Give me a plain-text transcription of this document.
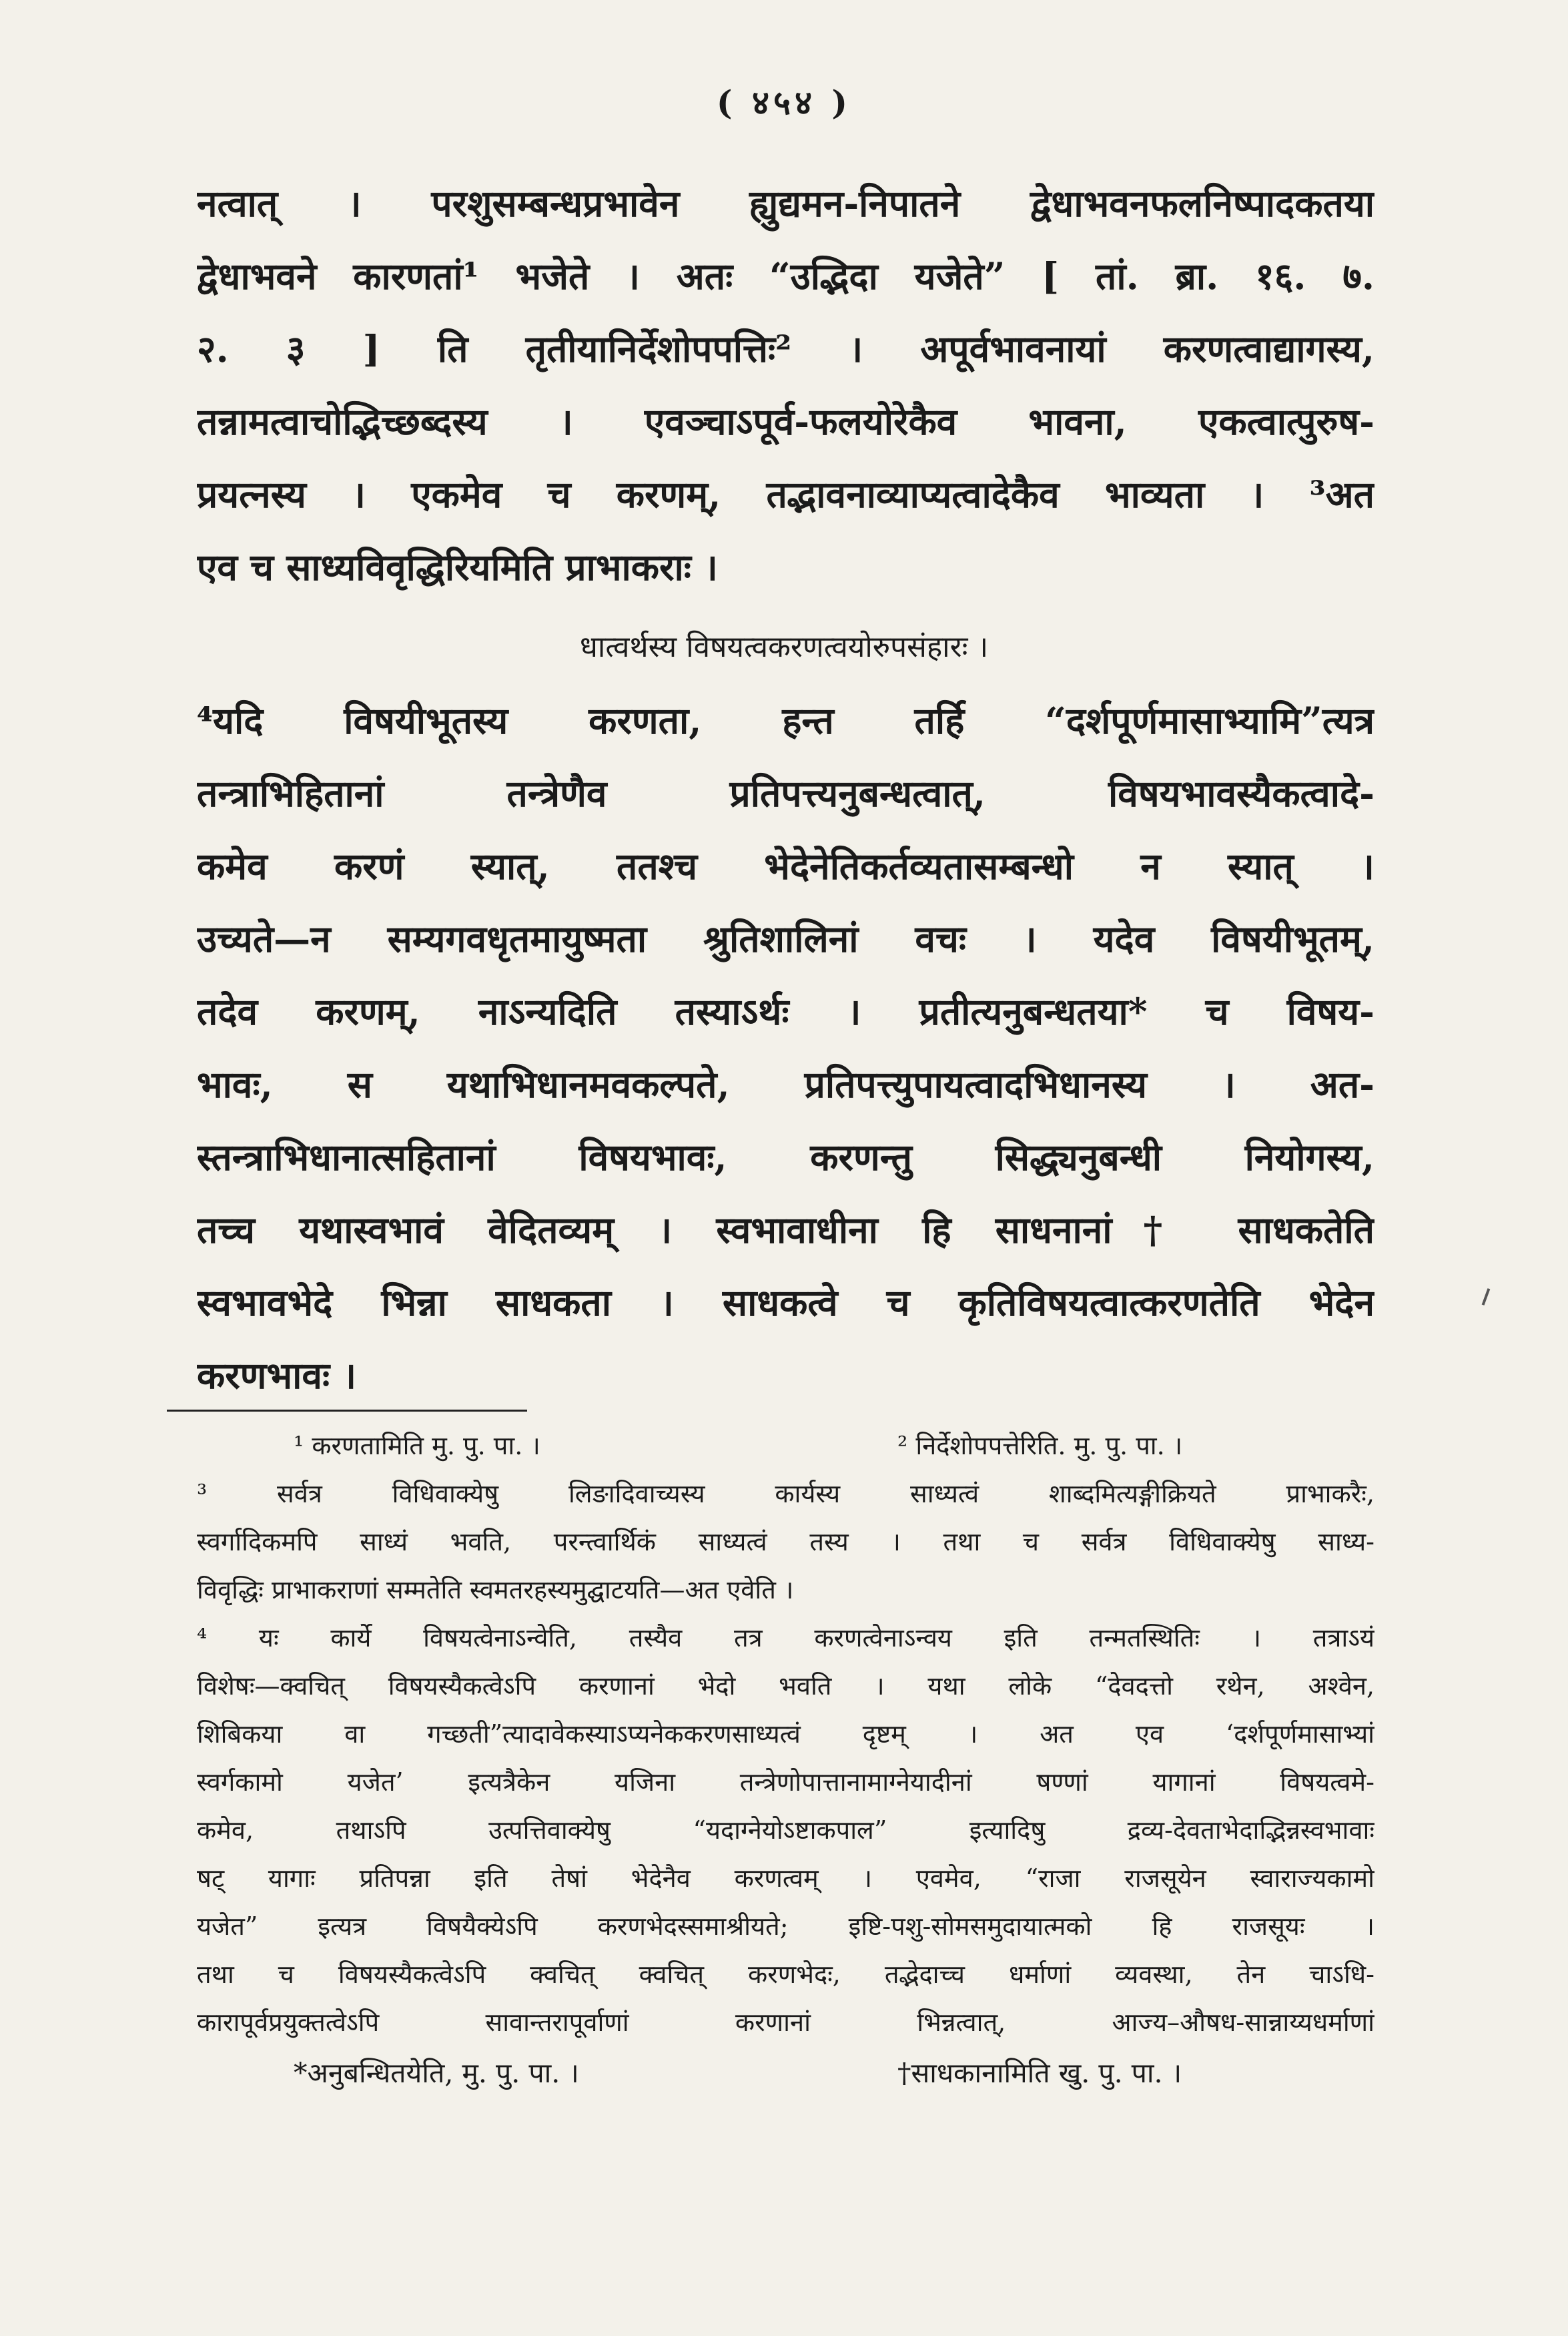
( ४५४ )
नत्वात् । परशुसम्बन्धप्रभावेन ह्युद्यमन-निपातने द्वेधाभवनफलनिष्पादकतया
द्वेधाभवने कारणतां¹ भजेते । अतः “उद्भिदा यजेते” [ तां. ब्रा. १६. ७.
२. ३ ] ति तृतीयानिर्देशोपपत्तिः² । अपूर्वभावनायां करणत्वाद्यागस्य,
तन्नामत्वाचोद्भिच्छब्दस्य । एवञ्चाऽपूर्व-फलयोरेकैव भावना, एकत्वात्पुरुष-
प्रयत्नस्य । एकमेव च करणम्, तद्भावनाव्याप्यत्वादेकैव भाव्यता । ³अत
एव च साध्यविवृद्धिरियमिति प्राभाकराः ।
धात्वर्थस्य विषयत्वकरणत्वयोरुपसंहारः ।
⁴यदि विषयीभूतस्य करणता, हन्त तर्हि “दर्शपूर्णमासाभ्यामि”त्यत्र
तन्त्राभिहितानां तन्त्रेणैव प्रतिपत्त्यनुबन्धत्वात्, विषयभावस्यैकत्वादे-
कमेव करणं स्यात्, ततश्च भेदेनेतिकर्तव्यतासम्बन्धो न स्यात् ।
उच्यते—न सम्यगवधृतमायुष्मता श्रुतिशालिनां वचः । यदेव विषयीभूतम्,
तदेव करणम्, नाऽन्यदिति तस्याऽर्थः । प्रतीत्यनुबन्धतया* च विषय-
भावः, स यथाभिधानमवकल्पते, प्रतिपत्त्युपायत्वादभिधानस्य । अत-
स्तन्त्राभिधानात्सहितानां विषयभावः, करणन्तु सिद्ध्यनुबन्धी नियोगस्य,
तच्च यथास्वभावं वेदितव्यम् । स्वभावाधीना हि साधनानां† साधकतेति
स्वभावभेदे भिन्ना साधकता । साधकत्वे च कृतिविषयत्वात्करणतेति भेदेन
करणभावः ।
¹ करणतामिति मु. पु. पा. ।	² निर्देशोपपत्तेरिति. मु. पु. पा. ।
³ सर्वत्र विधिवाक्येषु लिङादिवाच्यस्य कार्यस्य साध्यत्वं शाब्दमित्यङ्गीक्रियते प्राभाकरैः,
स्वर्गादिकमपि साध्यं भवति, परन्त्वार्थिकं साध्यत्वं तस्य । तथा च सर्वत्र विधिवाक्येषु साध्य-
विवृद्धिः प्राभाकराणां सम्मतेति स्वमतरहस्यमुद्घाटयति—अत एवेति ।
⁴ यः कार्ये विषयत्वेनाऽन्वेति, तस्यैव तत्र करणत्वेनाऽन्वय इति तन्मतस्थितिः । तत्राऽयं
विशेषः—क्वचित् विषयस्यैकत्वेऽपि करणानां भेदो भवति । यथा लोके “देवदत्तो रथेन, अश्वेन,
शिबिकया वा गच्छती”त्यादावेकस्याऽप्यनेककरणसाध्यत्वं दृष्टम् । अत एव ‘दर्शपूर्णमासाभ्यां
स्वर्गकामो यजेत’ इत्यत्रैकेन यजिना तन्त्रेणोपात्तानामाग्नेयादीनां षण्णां यागानां विषयत्वमे-
कमेव, तथाऽपि उत्पत्तिवाक्येषु “यदाग्नेयोऽष्टाकपाल” इत्यादिषु द्रव्य-देवताभेदाद्भिन्नस्वभावाः
षट् यागाः प्रतिपन्ना इति तेषां भेदेनैव करणत्वम् । एवमेव, “राजा राजसूयेन स्वाराज्यकामो
यजेत” इत्यत्र विषयैक्येऽपि करणभेदस्समाश्रीयते; इष्टि-पशु-सोमसमुदायात्मको हि राजसूयः ।
तथा च विषयस्यैकत्वेऽपि क्वचित् क्वचित् करणभेदः, तद्भेदाच्च धर्माणां व्यवस्था, तेन चाऽधि-
कारापूर्वप्रयुक्तत्वेऽपि सावान्तरापूर्वाणां करणानां भिन्नत्वात्, आज्य–औषध-सान्नाय्यधर्माणां
*अनुबन्धितयेति, मु. पु. पा. ।	†साधकानामिति खु. पु. पा. ।
